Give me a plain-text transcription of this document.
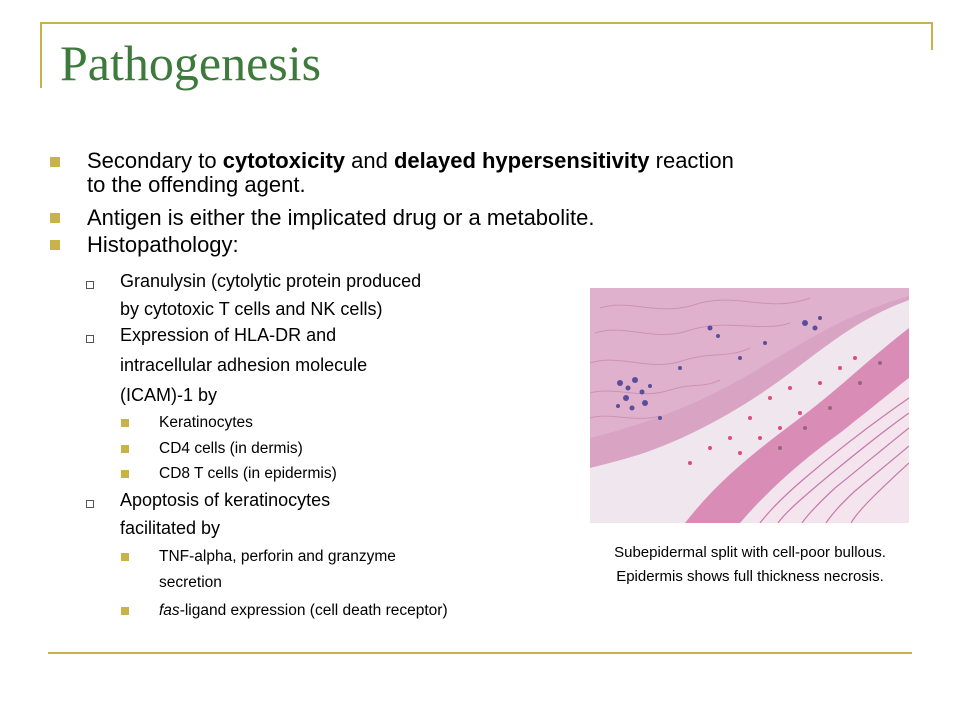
Pathogenesis
Secondary to cytotoxicity and delayed hypersensitivity reaction
to the offending agent.
Antigen is either the implicated drug or a metabolite.
Histopathology:
Granulysin (cytolytic protein produced
by cytotoxic T cells and NK cells)
Expression of HLA-DR and
intracellular adhesion molecule
(ICAM)-1 by
Keratinocytes
CD4 cells (in dermis)
CD8 T cells (in epidermis)
Apoptosis of keratinocytes
facilitated by
TNF-alpha, perforin and granzyme
secretion
fas-ligand expression (cell death receptor)
Subepidermal split with cell-poor bullous.
Epidermis shows full thickness necrosis.
